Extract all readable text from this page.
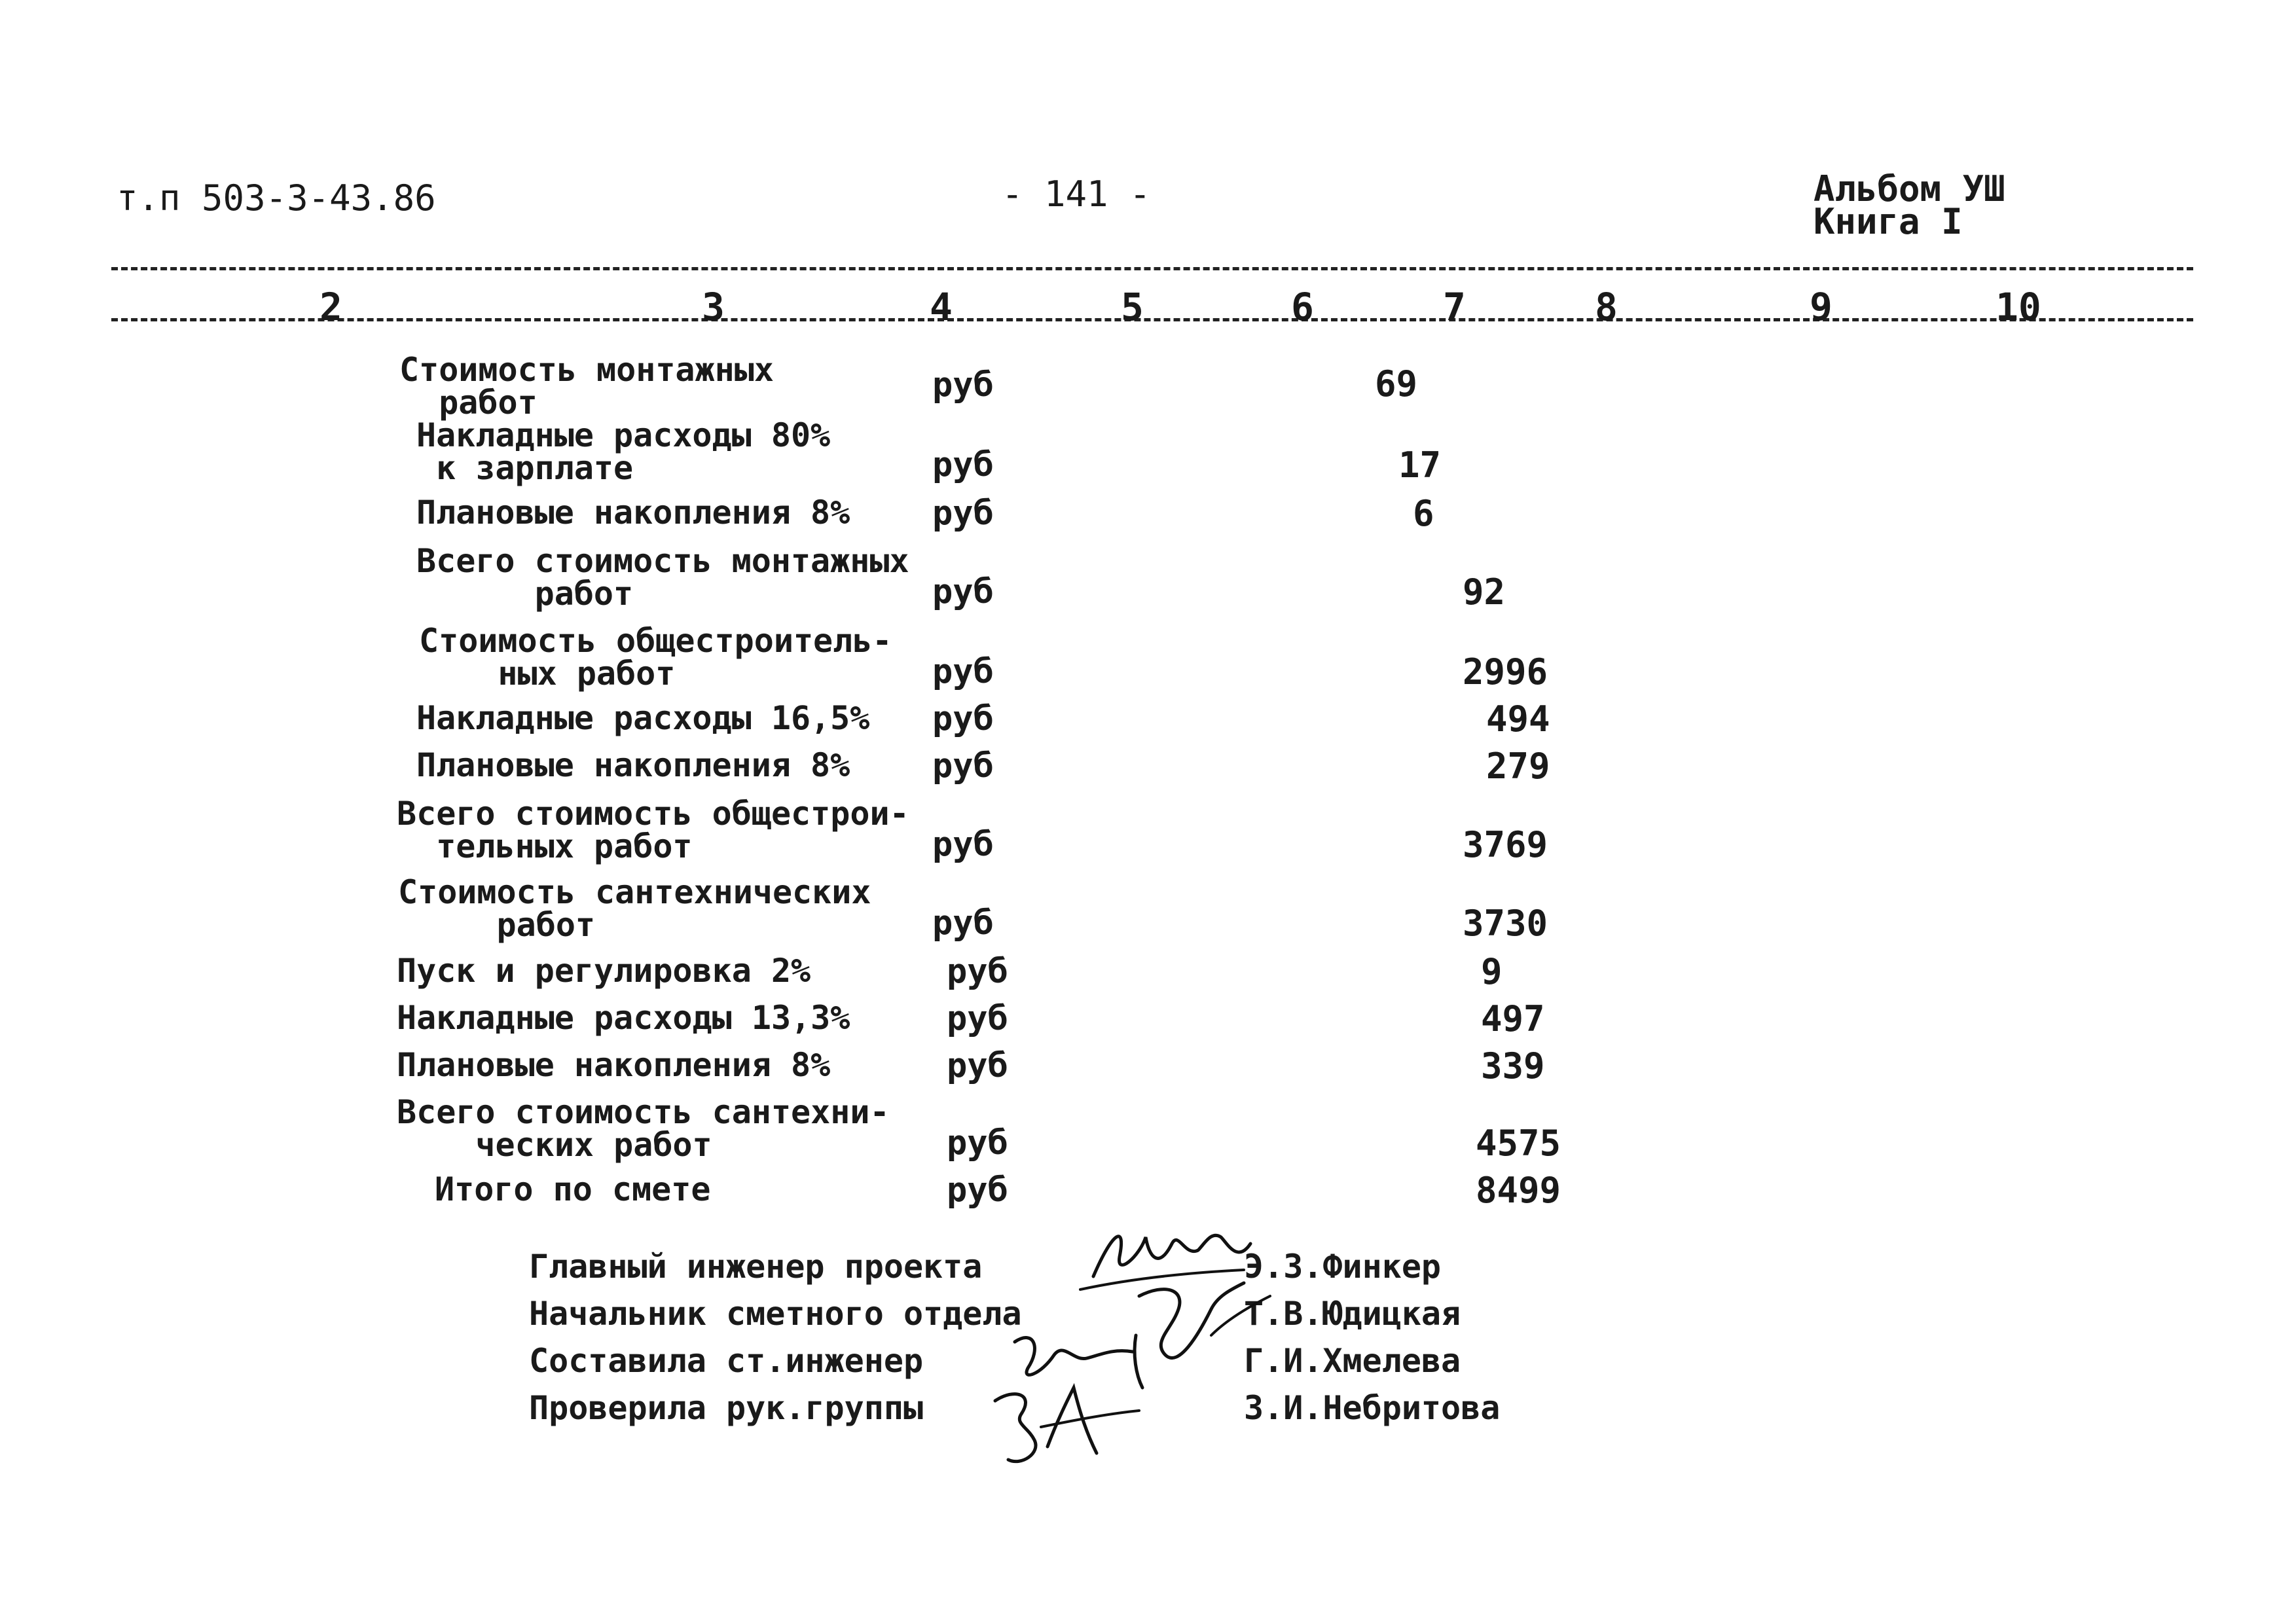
т.п 503-3-43.86	- 141 -	Альбом УШ
Книга I
2	3	4	5	6	7	8	9	10
Стоимость монтажных
работ	руб	69
Накладные расходы 80%
к зарплате	руб	17
Плановые накопления 8% руб	6
Всего стоимость монтажных
работ	руб	92
Стоимость общестроитель-
ных работ	руб	2996
Накладные расходы 16,5% руб	494
Плановые накопления 8% руб	279
Всего стоимость общестрои-
тельных работ	руб	3769
Стоимость сантехнических
работ	руб	3730
Пуск и регулировка 2%	руб	9
Накладные расходы 13,3%	руб	497
Плановые накопления 8%	руб	339
Всего стоимость сантехни-
ческих работ	руб	4575
Итого по смете	руб	8499
Главный инженер проекта	Э.З.Финкер
Начальник сметного отдела	Т.В.Юдицкая
Составила ст.инженер	Г.И.Хмелева
Проверила рук.группы	З.И.Небритова
